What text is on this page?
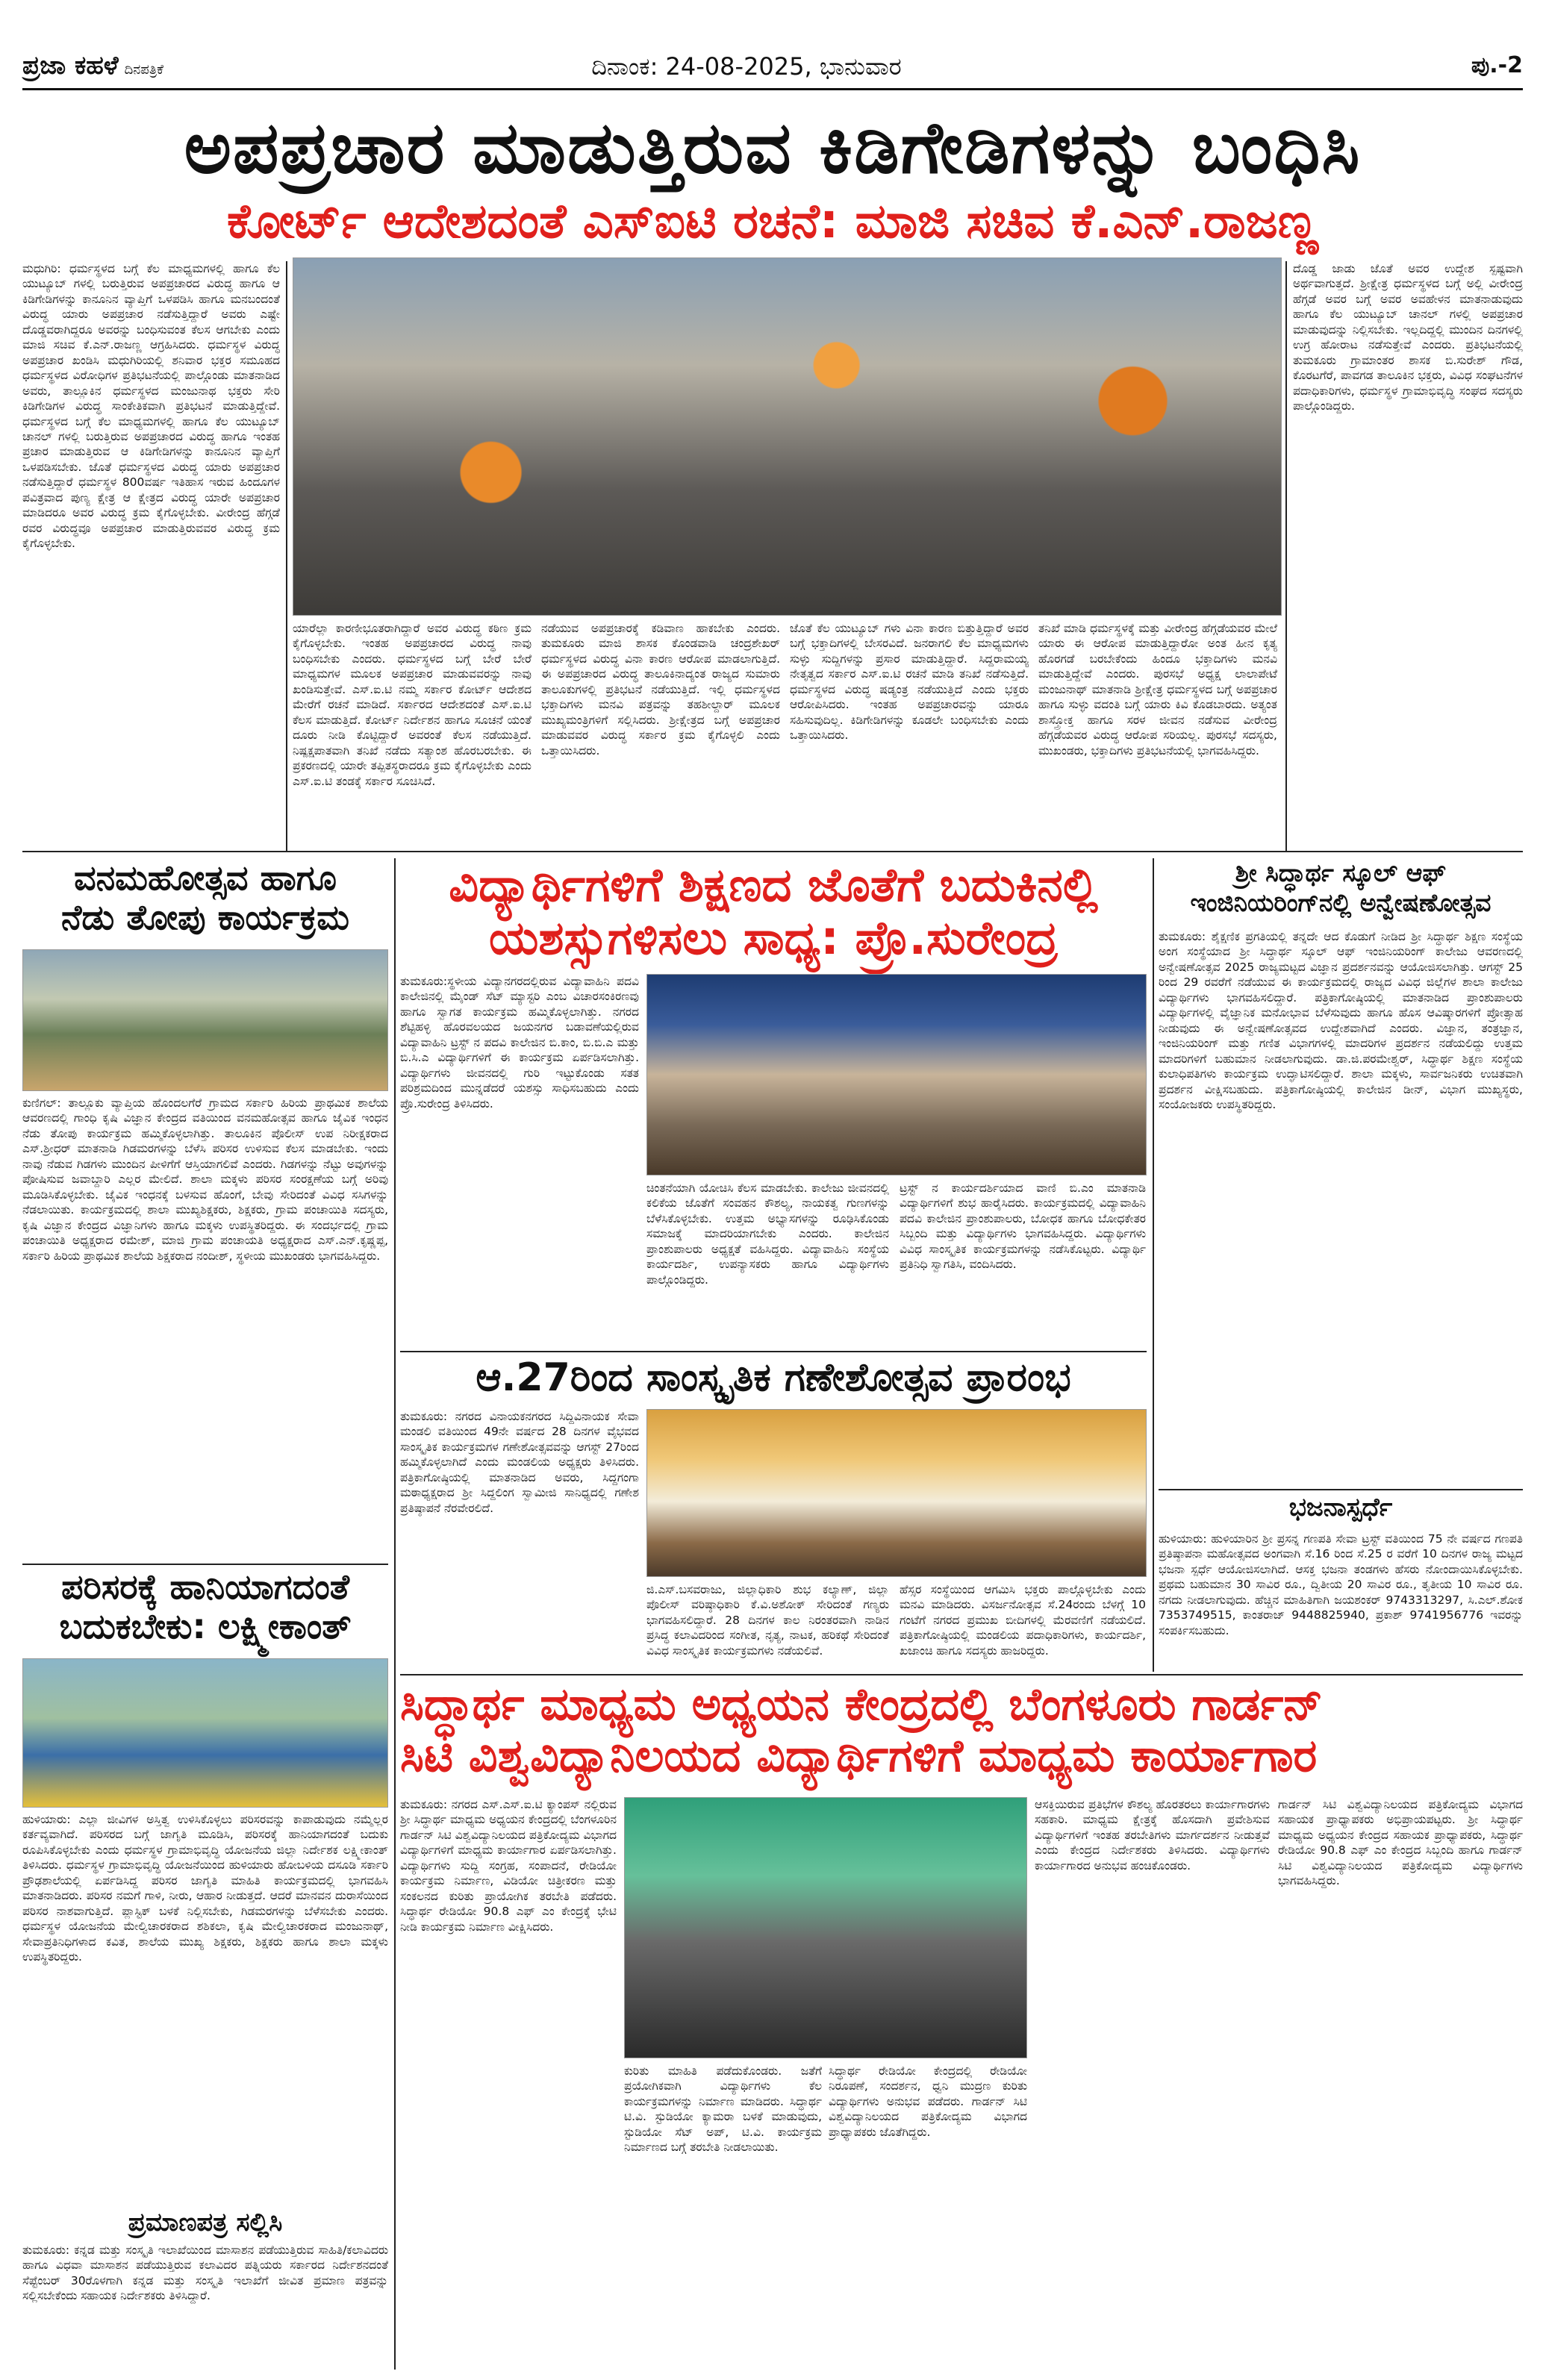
ಪ್ರಜಾ ಕಹಳೆ ದಿನಪತ್ರಿಕೆ	ದಿನಾಂಕ: 24-08-2025, ಭಾನುವಾರ	ಪು.-2
ಅಪಪ್ರಚಾರ ಮಾಡುತ್ತಿರುವ ಕಿಡಿಗೇಡಿಗಳನ್ನು ಬಂಧಿಸಿ
ಕೋರ್ಟ್ ಆದೇಶದಂತೆ ಎಸ್‌ಐಟಿ ರಚನೆ: ಮಾಜಿ ಸಚಿವ ಕೆ.ಎನ್.ರಾಜಣ್ಣ
ಮಧುಗಿರಿ: ಧರ್ಮಸ್ಥಳದ ಬಗ್ಗೆ ಕೆಲ ಮಾಧ್ಯಮಗಳಲ್ಲಿ ಹಾಗೂ ಕೆಲ ಯುಟ್ಯೂಬ್ ಗಳಲ್ಲಿ ಬರುತ್ತಿರುವ ಅಪಪ್ರಚಾರದ ವಿರುದ್ಧ ಹಾಗೂ ಆ ಕಿಡಿಗೇಡಿಗಳನ್ನು ಕಾನೂನಿನ ವ್ಯಾಪ್ತಿಗೆ ಒಳಪಡಿಸಿ ಹಾಗೂ ಮನಬಂದಂತೆ ವಿರುದ್ಧ ಯಾರು ಅಪಪ್ರಚಾರ ನಡೆಸುತ್ತಿದ್ದಾರೆ ಅವರು ಎಷ್ಟೇ ದೊಡ್ಡವರಾಗಿದ್ದರೂ ಅವರನ್ನು ಬಂಧಿಸುವಂತ ಕೆಲಸ ಆಗಬೇಕು ಎಂದು ಮಾಜಿ ಸಚಿವ ಕೆ.ಎನ್.ರಾಜಣ್ಣ ಆಗ್ರಹಿಸಿದರು. ಧರ್ಮಸ್ಥಳ ವಿರುದ್ಧ ಅಪಪ್ರಚಾರ ಖಂಡಿಸಿ ಮಧುಗಿರಿಯಲ್ಲಿ ಶನಿವಾರ ಭಕ್ತರ ಸಮೂಹದ ಧರ್ಮಸ್ಥಳದ ವಿರೋಧಿಗಳ ಪ್ರತಿಭಟನೆಯಲ್ಲಿ ಪಾಲ್ಗೊಂಡು ಮಾತನಾಡಿದ ಅವರು, ತಾಲ್ಲೂಕಿನ ಧರ್ಮಸ್ಥಳದ ಮಂಜುನಾಥ ಭಕ್ತರು ಸೇರಿ ಕಿಡಿಗೇಡಿಗಳ ವಿರುದ್ಧ ಸಾಂಕೇತಿಕವಾಗಿ ಪ್ರತಿಭಟನೆ ಮಾಡುತ್ತಿದ್ದೇವೆ. ಧರ್ಮಸ್ಥಳದ ಬಗ್ಗೆ ಕೆಲ ಮಾಧ್ಯಮಗಳಲ್ಲಿ ಹಾಗೂ ಕೆಲ ಯುಟ್ಯೂಬ್ ಚಾನಲ್ ಗಳಲ್ಲಿ ಬರುತ್ತಿರುವ ಅಪಪ್ರಚಾರದ ವಿರುದ್ಧ ಹಾಗೂ ಇಂತಹ ಪ್ರಚಾರ ಮಾಡುತ್ತಿರುವ ಆ ಕಿಡಿಗೇಡಿಗಳನ್ನು ಕಾನೂನಿನ ವ್ಯಾಪ್ತಿಗೆ ಒಳಪಡಿಸಬೇಕು. ಜೊತೆ ಧರ್ಮಸ್ಥಳದ ವಿರುದ್ಧ ಯಾರು ಅಪಪ್ರಚಾರ ನಡೆಸುತ್ತಿದ್ದಾರೆ ಧರ್ಮಸ್ಥಳ 800ವರ್ಷ ಇತಿಹಾಸ ಇರುವ ಹಿಂದೂಗಳ ಪವಿತ್ರವಾದ ಪುಣ್ಯ ಕ್ಷೇತ್ರ ಆ ಕ್ಷೇತ್ರದ ವಿರುದ್ಧ ಯಾರೇ ಅಪಪ್ರಚಾರ ಮಾಡಿದರೂ ಅವರ ವಿರುದ್ಧ ಕ್ರಮ ಕೈಗೊಳ್ಳಬೇಕು. ವೀರೇಂದ್ರ ಹೆಗ್ಗಡೆ ರವರ ವಿರುದ್ಧವೂ ಅಪಪ್ರಚಾರ ಮಾಡುತ್ತಿರುವವರ ವಿರುದ್ಧ ಕ್ರಮ ಕೈಗೊಳ್ಳಬೇಕು.
ಯಾರೆಲ್ಲಾ ಕಾರಣೀಭೂತರಾಗಿದ್ದಾರೆ ಅವರ ವಿರುದ್ಧ ಕಠಿಣ ಕ್ರಮ ಕೈಗೊಳ್ಳಬೇಕು. ಇಂತಹ ಅಪಪ್ರಚಾರದ ವಿರುದ್ಧ ನಾವು ಬಂಧಿಸಬೇಕು ಎಂದರು. ಧರ್ಮಸ್ಥಳದ ಬಗ್ಗೆ ಬೇರೆ ಬೇರೆ ಮಾಧ್ಯಮಗಳ ಮೂಲಕ ಅಪಪ್ರಚಾರ ಮಾಡುವವರನ್ನು ನಾವು ಖಂಡಿಸುತ್ತೇವೆ. ಎಸ್.ಐ.ಟಿ ನಮ್ಮ ಸರ್ಕಾರ ಕೋರ್ಟ್ ಆದೇಶದ ಮೇರೆಗೆ ರಚನೆ ಮಾಡಿದೆ. ಸರ್ಕಾರದ ಆದೇಶದಂತೆ ಎಸ್.ಐ.ಟಿ ಕೆಲಸ ಮಾಡುತ್ತಿದೆ. ಕೋರ್ಟ್ ನಿರ್ದೇಶನ ಹಾಗೂ ಸೂಚನೆ ಯಂತೆ ದೂರು ನೀಡಿ ಕೊಟ್ಟಿದ್ದಾರೆ ಅವರಂತೆ ಕೆಲಸ ನಡೆಯುತ್ತಿದೆ. ನಿಷ್ಪಕ್ಷಪಾತವಾಗಿ ತನಿಖೆ ನಡೆದು ಸತ್ಯಾಂಶ ಹೊರಬರಬೇಕು. ಈ ಪ್ರಕರಣದಲ್ಲಿ ಯಾರೇ ತಪ್ಪಿತಸ್ಥರಾದರೂ ಕ್ರಮ ಕೈಗೊಳ್ಳಬೇಕು ಎಂದು ಎಸ್.ಐ.ಟಿ ತಂಡಕ್ಕೆ ಸರ್ಕಾರ ಸೂಚಿಸಿದೆ.
ನಡೆಯುವ ಅಪಪ್ರಚಾರಕ್ಕೆ ಕಡಿವಾಣ ಹಾಕಬೇಕು ಎಂದರು. ತುಮಕೂರು ಮಾಜಿ ಶಾಸಕ ಕೊಂಡವಾಡಿ ಚಂದ್ರಶೇಖರ್ ಧರ್ಮಸ್ಥಳದ ವಿರುದ್ಧ ವಿನಾ ಕಾರಣ ಆರೋಪ ಮಾಡಲಾಗುತ್ತಿದೆ. ಈ ಅಪಪ್ರಚಾರದ ವಿರುದ್ಧ ತಾಲೂಕಿನಾದ್ಯಂತ ರಾಜ್ಯದ ಸುಮಾರು ತಾಲೂಕುಗಳಲ್ಲಿ ಪ್ರತಿಭಟನೆ ನಡೆಯುತ್ತಿದೆ. ಇಲ್ಲಿ ಧರ್ಮಸ್ಥಳದ ಭಕ್ತಾದಿಗಳು ಮನವಿ ಪತ್ರವನ್ನು ತಹಶೀಲ್ದಾರ್ ಮೂಲಕ ಮುಖ್ಯಮಂತ್ರಿಗಳಿಗೆ ಸಲ್ಲಿಸಿದರು. ಶ್ರೀಕ್ಷೇತ್ರದ ಬಗ್ಗೆ ಅಪಪ್ರಚಾರ ಮಾಡುವವರ ವಿರುದ್ಧ ಸರ್ಕಾರ ಕ್ರಮ ಕೈಗೊಳ್ಳಲಿ ಎಂದು ಒತ್ತಾಯಿಸಿದರು.
ಜೊತೆ ಕೆಲ ಯುಟ್ಯೂಬ್ ಗಳು ವಿನಾ ಕಾರಣ ಬಿತ್ತುತ್ತಿದ್ದಾರೆ ಅವರ ಬಗ್ಗೆ ಭಕ್ತಾದಿಗಳಲ್ಲಿ ಬೇಸರವಿದೆ. ಜನರಾಗಲಿ ಕೆಲ ಮಾಧ್ಯಮಗಳು ಸುಳ್ಳು ಸುದ್ದಿಗಳನ್ನು ಪ್ರಸಾರ ಮಾಡುತ್ತಿದ್ದಾರೆ. ಸಿದ್ದರಾಮಯ್ಯ ನೇತೃತ್ವದ ಸರ್ಕಾರ ಎಸ್.ಐ.ಟಿ ರಚನೆ ಮಾಡಿ ತನಿಖೆ ನಡೆಸುತ್ತಿದೆ. ಧರ್ಮಸ್ಥಳದ ವಿರುದ್ಧ ಷಡ್ಯಂತ್ರ ನಡೆಯುತ್ತಿದೆ ಎಂದು ಭಕ್ತರು ಆರೋಪಿಸಿದರು. ಇಂತಹ ಅಪಪ್ರಚಾರವನ್ನು ಯಾರೂ ಸಹಿಸುವುದಿಲ್ಲ. ಕಿಡಿಗೇಡಿಗಳನ್ನು ಕೂಡಲೇ ಬಂಧಿಸಬೇಕು ಎಂದು ಒತ್ತಾಯಿಸಿದರು.
ತನಿಖೆ ಮಾಡಿ ಧರ್ಮಸ್ಥಳಕ್ಕೆ ಮತ್ತು ವೀರೇಂದ್ರ ಹೆಗ್ಗಡೆಯವರ ಮೇಲೆ ಯಾರು ಈ ಆರೋಪ ಮಾಡುತ್ತಿದ್ದಾರೋ ಅಂತ ಹೀನ ಕೃತ್ಯ ಹೊರಗಡೆ ಬರಬೇಕೆಂದು ಹಿಂದೂ ಭಕ್ತಾದಿಗಳು ಮನವಿ ಮಾಡುತ್ತಿದ್ದೇವೆ ಎಂದರು. ಪುರಸಭೆ ಅಧ್ಯಕ್ಷ ಲಾಲಾಪೇಟೆ ಮಂಜುನಾಥ್ ಮಾತನಾಡಿ ಶ್ರೀಕ್ಷೇತ್ರ ಧರ್ಮಸ್ಥಳದ ಬಗ್ಗೆ ಅಪಪ್ರಚಾರ ಹಾಗೂ ಸುಳ್ಳು ವದಂತಿ ಬಗ್ಗೆ ಯಾರು ಕಿವಿ ಕೊಡಬಾರದು. ಅತ್ಯಂತ ಶಾಸ್ತ್ರೋಕ್ತ ಹಾಗೂ ಸರಳ ಜೀವನ ನಡೆಸುವ ವೀರೇಂದ್ರ ಹೆಗ್ಗಡೆಯವರ ವಿರುದ್ಧ ಆರೋಪ ಸರಿಯಲ್ಲ. ಪುರಸಭೆ ಸದಸ್ಯರು, ಮುಖಂಡರು, ಭಕ್ತಾದಿಗಳು ಪ್ರತಿಭಟನೆಯಲ್ಲಿ ಭಾಗವಹಿಸಿದ್ದರು.
ದೊಡ್ಡ ಜಾಡು ಜೊತೆ ಅವರ ಉದ್ದೇಶ ಸ್ಪಷ್ಟವಾಗಿ ಅರ್ಥವಾಗುತ್ತದೆ. ಶ್ರೀಕ್ಷೇತ್ರ ಧರ್ಮಸ್ಥಳದ ಬಗ್ಗೆ ಅಲ್ಲಿ ವೀರೇಂದ್ರ ಹೆಗ್ಗಡೆ ಅವರ ಬಗ್ಗೆ ಅವರ ಅವಹೇಳನ ಮಾತನಾಡುವುದು ಹಾಗೂ ಕೆಲ ಯುಟ್ಯೂಬ್ ಚಾನಲ್ ಗಳಲ್ಲಿ ಅಪಪ್ರಚಾರ ಮಾಡುವುದನ್ನು ನಿಲ್ಲಿಸಬೇಕು. ಇಲ್ಲದಿದ್ದಲ್ಲಿ ಮುಂದಿನ ದಿನಗಳಲ್ಲಿ ಉಗ್ರ ಹೋರಾಟ ನಡೆಸುತ್ತೇವೆ ಎಂದರು. ಪ್ರತಿಭಟನೆಯಲ್ಲಿ ತುಮಕೂರು ಗ್ರಾಮಾಂತರ ಶಾಸಕ ಬಿ.ಸುರೇಶ್ ಗೌಡ, ಕೊರಟಗೆರೆ, ಪಾವಗಡ ತಾಲೂಕಿನ ಭಕ್ತರು, ವಿವಿಧ ಸಂಘಟನೆಗಳ ಪದಾಧಿಕಾರಿಗಳು, ಧರ್ಮಸ್ಥಳ ಗ್ರಾಮಾಭಿವೃದ್ಧಿ ಸಂಘದ ಸದಸ್ಯರು ಪಾಲ್ಗೊಂಡಿದ್ದರು.
ವನಮಹೋತ್ಸವ ಹಾಗೂ
ನೆಡು ತೋಪು ಕಾರ್ಯಕ್ರಮ
ಕುಣಿಗಲ್: ತಾಲ್ಲೂಕು ವ್ಯಾಪ್ತಿಯ ಹೊಂದಲಗೆರೆ ಗ್ರಾಮದ ಸರ್ಕಾರಿ ಹಿರಿಯ ಪ್ರಾಥಮಿಕ ಶಾಲೆಯ ಆವರಣದಲ್ಲಿ ಗಾಂಧಿ ಕೃಷಿ ವಿಜ್ಞಾನ ಕೇಂದ್ರದ ವತಿಯಿಂದ ವನಮಹೋತ್ಸವ ಹಾಗೂ ಜೈವಿಕ ಇಂಧನ ನೆಡು ತೋಪು ಕಾರ್ಯಕ್ರಮ ಹಮ್ಮಿಕೊಳ್ಳಲಾಗಿತ್ತು. ತಾಲೂಕಿನ ಪೊಲೀಸ್ ಉಪ ನಿರೀಕ್ಷಕರಾದ ಎಸ್.ಶ್ರೀಧರ್ ಮಾತನಾಡಿ ಗಿಡಮರಗಳನ್ನು ಬೆಳೆಸಿ ಪರಿಸರ ಉಳಿಸುವ ಕೆಲಸ ಮಾಡಬೇಕು. ಇಂದು ನಾವು ನೆಡುವ ಗಿಡಗಳು ಮುಂದಿನ ಪೀಳಿಗೆಗೆ ಆಸ್ತಿಯಾಗಲಿವೆ ಎಂದರು. ಗಿಡಗಳನ್ನು ನೆಟ್ಟು ಅವುಗಳನ್ನು ಪೋಷಿಸುವ ಜವಾಬ್ದಾರಿ ಎಲ್ಲರ ಮೇಲಿದೆ. ಶಾಲಾ ಮಕ್ಕಳು ಪರಿಸರ ಸಂರಕ್ಷಣೆಯ ಬಗ್ಗೆ ಅರಿವು ಮೂಡಿಸಿಕೊಳ್ಳಬೇಕು. ಜೈವಿಕ ಇಂಧನಕ್ಕೆ ಬಳಸುವ ಹೊಂಗೆ, ಬೇವು ಸೇರಿದಂತೆ ವಿವಿಧ ಸಸಿಗಳನ್ನು ನೆಡಲಾಯಿತು. ಕಾರ್ಯಕ್ರಮದಲ್ಲಿ ಶಾಲಾ ಮುಖ್ಯಶಿಕ್ಷಕರು, ಶಿಕ್ಷಕರು, ಗ್ರಾಮ ಪಂಚಾಯಿತಿ ಸದಸ್ಯರು, ಕೃಷಿ ವಿಜ್ಞಾನ ಕೇಂದ್ರದ ವಿಜ್ಞಾನಿಗಳು ಹಾಗೂ ಮಕ್ಕಳು ಉಪಸ್ಥಿತರಿದ್ದರು. ಈ ಸಂದರ್ಭದಲ್ಲಿ ಗ್ರಾಮ ಪಂಚಾಯಿತಿ ಅಧ್ಯಕ್ಷರಾದ ರಮೇಶ್, ಮಾಜಿ ಗ್ರಾಮ ಪಂಚಾಯತಿ ಅಧ್ಯಕ್ಷರಾದ ಎಸ್.ಎನ್.ಕೃಷ್ಣಪ್ಪ, ಸರ್ಕಾರಿ ಹಿರಿಯ ಪ್ರಾಥಮಿಕ ಶಾಲೆಯ ಶಿಕ್ಷಕರಾದ ನಂದೀಶ್, ಸ್ಥಳೀಯ ಮುಖಂಡರು ಭಾಗವಹಿಸಿದ್ದರು.
ಪರಿಸರಕ್ಕೆ ಹಾನಿಯಾಗದಂತೆ
ಬದುಕಬೇಕು: ಲಕ್ಷ್ಮೀಕಾಂತ್
ಹುಳಿಯಾರು: ಎಲ್ಲಾ ಜೀವಿಗಳ ಅಸ್ತಿತ್ವ ಉಳಿಸಿಕೊಳ್ಳಲು ಪರಿಸರವನ್ನು ಕಾಪಾಡುವುದು ನಮ್ಮೆಲ್ಲರ ಕರ್ತವ್ಯವಾಗಿದೆ. ಪರಿಸರದ ಬಗ್ಗೆ ಜಾಗೃತಿ ಮೂಡಿಸಿ, ಪರಿಸರಕ್ಕೆ ಹಾನಿಯಾಗದಂತೆ ಬದುಕು ರೂಪಿಸಿಕೊಳ್ಳಬೇಕು ಎಂದು ಧರ್ಮಸ್ಥಳ ಗ್ರಾಮಾಭಿವೃದ್ಧಿ ಯೋಜನೆಯ ಜಿಲ್ಲಾ ನಿರ್ದೇಶಕ ಲಕ್ಷ್ಮೀಕಾಂತ್ ತಿಳಿಸಿದರು. ಧರ್ಮಸ್ಥಳ ಗ್ರಾಮಾಭಿವೃದ್ಧಿ ಯೋಜನೆಯಿಂದ ಹುಳಿಯಾರು ಹೋಬಳಿಯ ದಸೂಡಿ ಸರ್ಕಾರಿ ಪ್ರೌಢಶಾಲೆಯಲ್ಲಿ ಏರ್ಪಡಿಸಿದ್ದ ಪರಿಸರ ಜಾಗೃತಿ ಮಾಹಿತಿ ಕಾರ್ಯಕ್ರಮದಲ್ಲಿ ಭಾಗವಹಿಸಿ ಮಾತನಾಡಿದರು. ಪರಿಸರ ನಮಗೆ ಗಾಳಿ, ನೀರು, ಆಹಾರ ನೀಡುತ್ತದೆ. ಆದರೆ ಮಾನವನ ದುರಾಸೆಯಿಂದ ಪರಿಸರ ನಾಶವಾಗುತ್ತಿದೆ. ಪ್ಲಾಸ್ಟಿಕ್ ಬಳಕೆ ನಿಲ್ಲಿಸಬೇಕು, ಗಿಡಮರಗಳನ್ನು ಬೆಳೆಸಬೇಕು ಎಂದರು. ಧರ್ಮಸ್ಥಳ ಯೋಜನೆಯ ಮೇಲ್ವಿಚಾರಕರಾದ ಶಶಿಕಲಾ, ಕೃಷಿ ಮೇಲ್ವಿಚಾರಕರಾದ ಮಂಜುನಾಥ್, ಸೇವಾಪ್ರತಿನಿಧಿಗಳಾದ ಕವಿತ, ಶಾಲೆಯ ಮುಖ್ಯ ಶಿಕ್ಷಕರು, ಶಿಕ್ಷಕರು ಹಾಗೂ ಶಾಲಾ ಮಕ್ಕಳು ಉಪಸ್ಥಿತರಿದ್ದರು.
ಪ್ರಮಾಣಪತ್ರ ಸಲ್ಲಿಸಿ
ತುಮಕೂರು: ಕನ್ನಡ ಮತ್ತು ಸಂಸ್ಕೃತಿ ಇಲಾಖೆಯಿಂದ ಮಾಸಾಶನ ಪಡೆಯುತ್ತಿರುವ ಸಾಹಿತಿ/ಕಲಾವಿದರು ಹಾಗೂ ವಿಧವಾ ಮಾಸಾಶನ ಪಡೆಯುತ್ತಿರುವ ಕಲಾವಿದರ ಪತ್ನಿಯರು ಸರ್ಕಾರದ ನಿರ್ದೇಶನದಂತೆ ಸೆಪ್ಟೆಂಬರ್ 30ರೊಳಗಾಗಿ ಕನ್ನಡ ಮತ್ತು ಸಂಸ್ಕೃತಿ ಇಲಾಖೆಗೆ ಜೀವಿತ ಪ್ರಮಾಣ ಪತ್ರವನ್ನು ಸಲ್ಲಿಸಬೇಕೆಂದು ಸಹಾಯಕ ನಿರ್ದೇಶಕರು ತಿಳಿಸಿದ್ದಾರೆ.
ವಿದ್ಯಾರ್ಥಿಗಳಿಗೆ ಶಿಕ್ಷಣದ ಜೊತೆಗೆ ಬದುಕಿನಲ್ಲಿ
ಯಶಸ್ಸುಗಳಿಸಲು ಸಾಧ್ಯ: ಪ್ರೊ.ಸುರೇಂದ್ರ
ತುಮಕೂರು:ಸ್ಥಳೀಯ ವಿದ್ಯಾನಗರದಲ್ಲಿರುವ ವಿದ್ಯಾವಾಹಿನಿ ಪದವಿ ಕಾಲೇಜಿನಲ್ಲಿ ಮೈಂಡ್ ಸೆಟ್ ಮ್ಯಾಸ್ಟರಿ ಎಂಬ ವಿಚಾರಸಂಕಿರಣವು ಹಾಗೂ ಸ್ವಾಗತ ಕಾರ್ಯಕ್ರಮ ಹಮ್ಮಿಕೊಳ್ಳಲಾಗಿತ್ತು. ನಗರದ ಶೆಟ್ಟಿಹಳ್ಳಿ ಹೊರವಲಯದ ಜಯನಗರ ಬಡಾವಣೆಯಲ್ಲಿರುವ ವಿದ್ಯಾವಾಹಿನಿ ಟ್ರಸ್ಟ್ ನ ಪದವಿ ಕಾಲೇಜಿನ ಬಿ.ಕಾಂ, ಬಿ.ಬಿ.ಎ ಮತ್ತು ಬಿ.ಸಿ.ಎ ವಿದ್ಯಾರ್ಥಿಗಳಿಗೆ ಈ ಕಾರ್ಯಕ್ರಮ ಏರ್ಪಡಿಸಲಾಗಿತ್ತು. ವಿದ್ಯಾರ್ಥಿಗಳು ಜೀವನದಲ್ಲಿ ಗುರಿ ಇಟ್ಟುಕೊಂಡು ಸತತ ಪರಿಶ್ರಮದಿಂದ ಮುನ್ನಡೆದರೆ ಯಶಸ್ಸು ಸಾಧಿಸಬಹುದು ಎಂದು ಪ್ರೊ.ಸುರೇಂದ್ರ ತಿಳಿಸಿದರು.
ಚಿಂತನೆಯಾಗಿ ಯೋಚಿಸಿ ಕೆಲಸ ಮಾಡಬೇಕು. ಕಾಲೇಜು ಜೀವನದಲ್ಲಿ ಕಲಿಕೆಯ ಜೊತೆಗೆ ಸಂವಹನ ಕೌಶಲ್ಯ, ನಾಯಕತ್ವ ಗುಣಗಳನ್ನು ಬೆಳೆಸಿಕೊಳ್ಳಬೇಕು. ಉತ್ತಮ ಅಭ್ಯಾಸಗಳನ್ನು ರೂಢಿಸಿಕೊಂಡು ಸಮಾಜಕ್ಕೆ ಮಾದರಿಯಾಗಬೇಕು ಎಂದರು. ಕಾಲೇಜಿನ ಪ್ರಾಂಶುಪಾಲರು ಅಧ್ಯಕ್ಷತೆ ವಹಿಸಿದ್ದರು. ವಿದ್ಯಾವಾಹಿನಿ ಸಂಸ್ಥೆಯ ಕಾರ್ಯದರ್ಶಿ, ಉಪನ್ಯಾಸಕರು ಹಾಗೂ ವಿದ್ಯಾರ್ಥಿಗಳು ಪಾಲ್ಗೊಂಡಿದ್ದರು.
ಟ್ರಸ್ಟ್ ನ ಕಾರ್ಯದರ್ಶಿಯಾದ ವಾಣಿ ಬಿ.ಎಂ ಮಾತನಾಡಿ ವಿದ್ಯಾರ್ಥಿಗಳಿಗೆ ಶುಭ ಹಾರೈಸಿದರು. ಕಾರ್ಯಕ್ರಮದಲ್ಲಿ ವಿದ್ಯಾವಾಹಿನಿ ಪದವಿ ಕಾಲೇಜಿನ ಪ್ರಾಂಶುಪಾಲರು, ಬೋಧಕ ಹಾಗೂ ಬೋಧಕೇತರ ಸಿಬ್ಬಂದಿ ಮತ್ತು ವಿದ್ಯಾರ್ಥಿಗಳು ಭಾಗವಹಿಸಿದ್ದರು. ವಿದ್ಯಾರ್ಥಿಗಳು ವಿವಿಧ ಸಾಂಸ್ಕೃತಿಕ ಕಾರ್ಯಕ್ರಮಗಳನ್ನು ನಡೆಸಿಕೊಟ್ಟರು. ವಿದ್ಯಾರ್ಥಿ ಪ್ರತಿನಿಧಿ ಸ್ವಾಗತಿಸಿ, ವಂದಿಸಿದರು.
ಆ.27ರಿಂದ ಸಾಂಸ್ಕೃತಿಕ ಗಣೇಶೋತ್ಸವ ಪ್ರಾರಂಭ
ತುಮಕೂರು: ನಗರದ ವಿನಾಯಕನಗರದ ಸಿದ್ದಿವಿನಾಯಕ ಸೇವಾ ಮಂಡಲಿ ವತಿಯಿಂದ 49ನೇ ವರ್ಷದ 28 ದಿನಗಳ ವೈಭವದ ಸಾಂಸ್ಕೃತಿಕ ಕಾರ್ಯಕ್ರಮಗಳ ಗಣೇಶೋತ್ಸವವನ್ನು ಆಗಸ್ಟ್ 27ರಿಂದ ಹಮ್ಮಿಕೊಳ್ಳಲಾಗಿದೆ ಎಂದು ಮಂಡಲಿಯ ಅಧ್ಯಕ್ಷರು ತಿಳಿಸಿದರು. ಪತ್ರಿಕಾಗೋಷ್ಠಿಯಲ್ಲಿ ಮಾತನಾಡಿದ ಅವರು, ಸಿದ್ದಗಂಗಾ ಮಠಾಧ್ಯಕ್ಷರಾದ ಶ್ರೀ ಸಿದ್ದಲಿಂಗ ಸ್ವಾಮೀಜಿ ಸಾನಿಧ್ಯದಲ್ಲಿ ಗಣೇಶ ಪ್ರತಿಷ್ಠಾಪನೆ ನೆರವೇರಲಿದೆ.
ಜಿ.ಎಸ್.ಬಸವರಾಜು, ಜಿಲ್ಲಾಧಿಕಾರಿ ಶುಭ ಕಲ್ಯಾಣ್, ಜಿಲ್ಲಾ ಪೊಲೀಸ್ ವರಿಷ್ಠಾಧಿಕಾರಿ ಕೆ.ವಿ.ಅಶೋಕ್ ಸೇರಿದಂತೆ ಗಣ್ಯರು ಭಾಗವಹಿಸಲಿದ್ದಾರೆ. 28 ದಿನಗಳ ಕಾಲ ನಿರಂತರವಾಗಿ ನಾಡಿನ ಪ್ರಸಿದ್ಧ ಕಲಾವಿದರಿಂದ ಸಂಗೀತ, ನೃತ್ಯ, ನಾಟಕ, ಹರಿಕಥೆ ಸೇರಿದಂತೆ ವಿವಿಧ ಸಾಂಸ್ಕೃತಿಕ ಕಾರ್ಯಕ್ರಮಗಳು ನಡೆಯಲಿವೆ.
ಹೆಸ್ಸರ ಸಂಸ್ಥೆಯಿಂದ ಆಗಮಿಸಿ ಭಕ್ತರು ಪಾಲ್ಗೊಳ್ಳಬೇಕು ಎಂದು ಮನವಿ ಮಾಡಿದರು. ವಿಸರ್ಜನೋತ್ಸವ ಸೆ.24ರಂದು ಬೆಳಗ್ಗೆ 10 ಗಂಟೆಗೆ ನಗರದ ಪ್ರಮುಖ ಬೀದಿಗಳಲ್ಲಿ ಮೆರವಣಿಗೆ ನಡೆಯಲಿದೆ. ಪತ್ರಿಕಾಗೋಷ್ಠಿಯಲ್ಲಿ ಮಂಡಲಿಯ ಪದಾಧಿಕಾರಿಗಳು, ಕಾರ್ಯದರ್ಶಿ, ಖಜಾಂಚಿ ಹಾಗೂ ಸದಸ್ಯರು ಹಾಜರಿದ್ದರು.
ಶ್ರೀ ಸಿದ್ಧಾರ್ಥ ಸ್ಕೂಲ್ ಆಫ್
ಇಂಜಿನಿಯರಿಂಗ್‌ನಲ್ಲಿ ಅನ್ವೇಷಣೋತ್ಸವ
ತುಮಕೂರು: ಶೈಕ್ಷಣಿಕ ಪ್ರಗತಿಯಲ್ಲಿ ತನ್ನದೇ ಆದ ಕೊಡುಗೆ ನೀಡಿದ ಶ್ರೀ ಸಿದ್ಧಾರ್ಥ ಶಿಕ್ಷಣ ಸಂಸ್ಥೆಯ ಅಂಗ ಸಂಸ್ಥೆಯಾದ ಶ್ರೀ ಸಿದ್ಧಾರ್ಥ ಸ್ಕೂಲ್ ಆಫ್ ಇಂಜಿನಿಯರಿಂಗ್ ಕಾಲೇಜು ಆವರಣದಲ್ಲಿ ಅನ್ವೇಷಣೋತ್ಸವ 2025 ರಾಜ್ಯಮಟ್ಟದ ವಿಜ್ಞಾನ ಪ್ರದರ್ಶನವನ್ನು ಆಯೋಜಿಸಲಾಗಿತ್ತು. ಆಗಸ್ಟ್ 25 ರಿಂದ 29 ರವರೆಗೆ ನಡೆಯುವ ಈ ಕಾರ್ಯಕ್ರಮದಲ್ಲಿ ರಾಜ್ಯದ ವಿವಿಧ ಜಿಲ್ಲೆಗಳ ಶಾಲಾ ಕಾಲೇಜು ವಿದ್ಯಾರ್ಥಿಗಳು ಭಾಗವಹಿಸಲಿದ್ದಾರೆ. ಪತ್ರಿಕಾಗೋಷ್ಠಿಯಲ್ಲಿ ಮಾತನಾಡಿದ ಪ್ರಾಂಶುಪಾಲರು ವಿದ್ಯಾರ್ಥಿಗಳಲ್ಲಿ ವೈಜ್ಞಾನಿಕ ಮನೋಭಾವ ಬೆಳೆಸುವುದು ಹಾಗೂ ಹೊಸ ಆವಿಷ್ಕಾರಗಳಿಗೆ ಪ್ರೋತ್ಸಾಹ ನೀಡುವುದು ಈ ಅನ್ವೇಷಣೋತ್ಸವದ ಉದ್ದೇಶವಾಗಿದೆ ಎಂದರು. ವಿಜ್ಞಾನ, ತಂತ್ರಜ್ಞಾನ, ಇಂಜಿನಿಯರಿಂಗ್ ಮತ್ತು ಗಣಿತ ವಿಭಾಗಗಳಲ್ಲಿ ಮಾದರಿಗಳ ಪ್ರದರ್ಶನ ನಡೆಯಲಿದ್ದು ಉತ್ತಮ ಮಾದರಿಗಳಿಗೆ ಬಹುಮಾನ ನೀಡಲಾಗುವುದು. ಡಾ.ಜಿ.ಪರಮೇಶ್ವರ್, ಸಿದ್ಧಾರ್ಥ ಶಿಕ್ಷಣ ಸಂಸ್ಥೆಯ ಕುಲಾಧಿಪತಿಗಳು ಕಾರ್ಯಕ್ರಮ ಉದ್ಘಾಟಿಸಲಿದ್ದಾರೆ. ಶಾಲಾ ಮಕ್ಕಳು, ಸಾರ್ವಜನಿಕರು ಉಚಿತವಾಗಿ ಪ್ರದರ್ಶನ ವೀಕ್ಷಿಸಬಹುದು. ಪತ್ರಿಕಾಗೋಷ್ಠಿಯಲ್ಲಿ ಕಾಲೇಜಿನ ಡೀನ್, ವಿಭಾಗ ಮುಖ್ಯಸ್ಥರು, ಸಂಯೋಜಕರು ಉಪಸ್ಥಿತರಿದ್ದರು.
ಭಜನಾಸ್ಪರ್ಧೆ
ಹುಳಿಯಾರು: ಹುಳಿಯಾರಿನ ಶ್ರೀ ಪ್ರಸನ್ನ ಗಣಪತಿ ಸೇವಾ ಟ್ರಸ್ಟ್ ವತಿಯಿಂದ 75 ನೇ ವರ್ಷದ ಗಣಪತಿ ಪ್ರತಿಷ್ಠಾಪನಾ ಮಹೋತ್ಸವದ ಅಂಗವಾಗಿ ಸೆ.16 ರಿಂದ ಸೆ.25 ರ ವರೆಗೆ 10 ದಿನಗಳ ರಾಜ್ಯ ಮಟ್ಟದ ಭಜನಾ ಸ್ಪರ್ಧೆ ಆಯೋಜಿಸಲಾಗಿದೆ. ಆಸಕ್ತ ಭಜನಾ ತಂಡಗಳು ಹೆಸರು ನೋಂದಾಯಿಸಿಕೊಳ್ಳಬೇಕು. ಪ್ರಥಮ ಬಹುಮಾನ 30 ಸಾವಿರ ರೂ., ದ್ವಿತೀಯ 20 ಸಾವಿರ ರೂ., ತೃತೀಯ 10 ಸಾವಿರ ರೂ. ನಗದು ನೀಡಲಾಗುವುದು. ಹೆಚ್ಚಿನ ಮಾಹಿತಿಗಾಗಿ ಜಯಶಂಕರ್ 9743313297, ಸಿ.ಎಲ್.ಶೋಕ 7353749515, ಕಾಂತರಾಜ್ 9448825940, ಪ್ರಕಾಶ್ 9741956776 ಇವರನ್ನು ಸಂಪರ್ಕಿಸಬಹುದು.
ಸಿದ್ಧಾರ್ಥ ಮಾಧ್ಯಮ ಅಧ್ಯಯನ ಕೇಂದ್ರದಲ್ಲಿ ಬೆಂಗಳೂರು ಗಾರ್ಡನ್
ಸಿಟಿ ವಿಶ್ವವಿದ್ಯಾನಿಲಯದ ವಿದ್ಯಾರ್ಥಿಗಳಿಗೆ ಮಾಧ್ಯಮ ಕಾರ್ಯಾಗಾರ
ತುಮಕೂರು: ನಗರದ ಎಸ್.ಎಸ್.ಐ.ಟಿ ಕ್ಯಾಂಪಸ್ ನಲ್ಲಿರುವ ಶ್ರೀ ಸಿದ್ಧಾರ್ಥ ಮಾಧ್ಯಮ ಅಧ್ಯಯನ ಕೇಂದ್ರದಲ್ಲಿ ಬೆಂಗಳೂರಿನ ಗಾರ್ಡನ್ ಸಿಟಿ ವಿಶ್ವವಿದ್ಯಾನಿಲಯದ ಪತ್ರಿಕೋದ್ಯಮ ವಿಭಾಗದ ವಿದ್ಯಾರ್ಥಿಗಳಿಗೆ ಮಾಧ್ಯಮ ಕಾರ್ಯಾಗಾರ ಏರ್ಪಡಿಸಲಾಗಿತ್ತು. ವಿದ್ಯಾರ್ಥಿಗಳು ಸುದ್ದಿ ಸಂಗ್ರಹ, ಸಂಪಾದನೆ, ರೇಡಿಯೋ ಕಾರ್ಯಕ್ರಮ ನಿರ್ಮಾಣ, ವಿಡಿಯೋ ಚಿತ್ರೀಕರಣ ಮತ್ತು ಸಂಕಲನದ ಕುರಿತು ಪ್ರಾಯೋಗಿಕ ತರಬೇತಿ ಪಡೆದರು. ಸಿದ್ಧಾರ್ಥ ರೇಡಿಯೋ 90.8 ಎಫ್ ಎಂ ಕೇಂದ್ರಕ್ಕೆ ಭೇಟಿ ನೀಡಿ ಕಾರ್ಯಕ್ರಮ ನಿರ್ಮಾಣ ವೀಕ್ಷಿಸಿದರು.
ಕುರಿತು ಮಾಹಿತಿ ಪಡೆದುಕೊಂಡರು. ಜತೆಗೆ ಪ್ರಯೋಗಿಕವಾಗಿ ವಿದ್ಯಾರ್ಥಿಗಳು ಕೆಲ ಕಾರ್ಯಕ್ರಮಗಳನ್ನು ನಿರ್ಮಾಣ ಮಾಡಿದರು. ಸಿದ್ಧಾರ್ಥ ಟಿ.ವಿ. ಸ್ಟುಡಿಯೋ ಕ್ಯಾಮರಾ ಬಳಕೆ ಮಾಡುವುದು, ಸ್ಟುಡಿಯೋ ಸೆಟ್ ಅಪ್, ಟಿ.ವಿ. ಕಾರ್ಯಕ್ರಮ ನಿರ್ಮಾಣದ ಬಗ್ಗೆ ತರಬೇತಿ ನೀಡಲಾಯಿತು.
ಸಿದ್ಧಾರ್ಥ ರೇಡಿಯೋ ಕೇಂದ್ರದಲ್ಲಿ ರೇಡಿಯೋ ನಿರೂಪಣೆ, ಸಂದರ್ಶನ, ಧ್ವನಿ ಮುದ್ರಣ ಕುರಿತು ವಿದ್ಯಾರ್ಥಿಗಳು ಅನುಭವ ಪಡೆದರು. ಗಾರ್ಡನ್ ಸಿಟಿ ವಿಶ್ವವಿದ್ಯಾನಿಲಯದ ಪತ್ರಿಕೋದ್ಯಮ ವಿಭಾಗದ ಪ್ರಾಧ್ಯಾಪಕರು ಜೊತೆಗಿದ್ದರು.
ಆಸಕ್ತಿಯಿರುವ ಪ್ರತಿಭೆಗಳ ಕೌಶಲ್ಯ ಹೊರತರಲು ಕಾರ್ಯಾಗಾರಗಳು ಸಹಕಾರಿ. ಮಾಧ್ಯಮ ಕ್ಷೇತ್ರಕ್ಕೆ ಹೊಸದಾಗಿ ಪ್ರವೇಶಿಸುವ ವಿದ್ಯಾರ್ಥಿಗಳಿಗೆ ಇಂತಹ ತರಬೇತಿಗಳು ಮಾರ್ಗದರ್ಶನ ನೀಡುತ್ತವೆ ಎಂದು ಕೇಂದ್ರದ ನಿರ್ದೇಶಕರು ತಿಳಿಸಿದರು. ವಿದ್ಯಾರ್ಥಿಗಳು ಕಾರ್ಯಾಗಾರದ ಅನುಭವ ಹಂಚಿಕೊಂಡರು.
ಗಾರ್ಡನ್ ಸಿಟಿ ವಿಶ್ವವಿದ್ಯಾನಿಲಯದ ಪತ್ರಿಕೋದ್ಯಮ ವಿಭಾಗದ ಸಹಾಯಕ ಪ್ರಾಧ್ಯಾಪಕರು ಅಭಿಪ್ರಾಯಪಟ್ಟರು. ಶ್ರೀ ಸಿದ್ಧಾರ್ಥ ಮಾಧ್ಯಮ ಅಧ್ಯಯನ ಕೇಂದ್ರದ ಸಹಾಯಕ ಪ್ರಾಧ್ಯಾಪಕರು, ಸಿದ್ಧಾರ್ಥ ರೇಡಿಯೋ 90.8 ಎಫ್ ಎಂ ಕೇಂದ್ರದ ಸಿಬ್ಬಂದಿ ಹಾಗೂ ಗಾರ್ಡನ್ ಸಿಟಿ ವಿಶ್ವವಿದ್ಯಾನಿಲಯದ ಪತ್ರಿಕೋದ್ಯಮ ವಿದ್ಯಾರ್ಥಿಗಳು ಭಾಗವಹಿಸಿದ್ದರು.
